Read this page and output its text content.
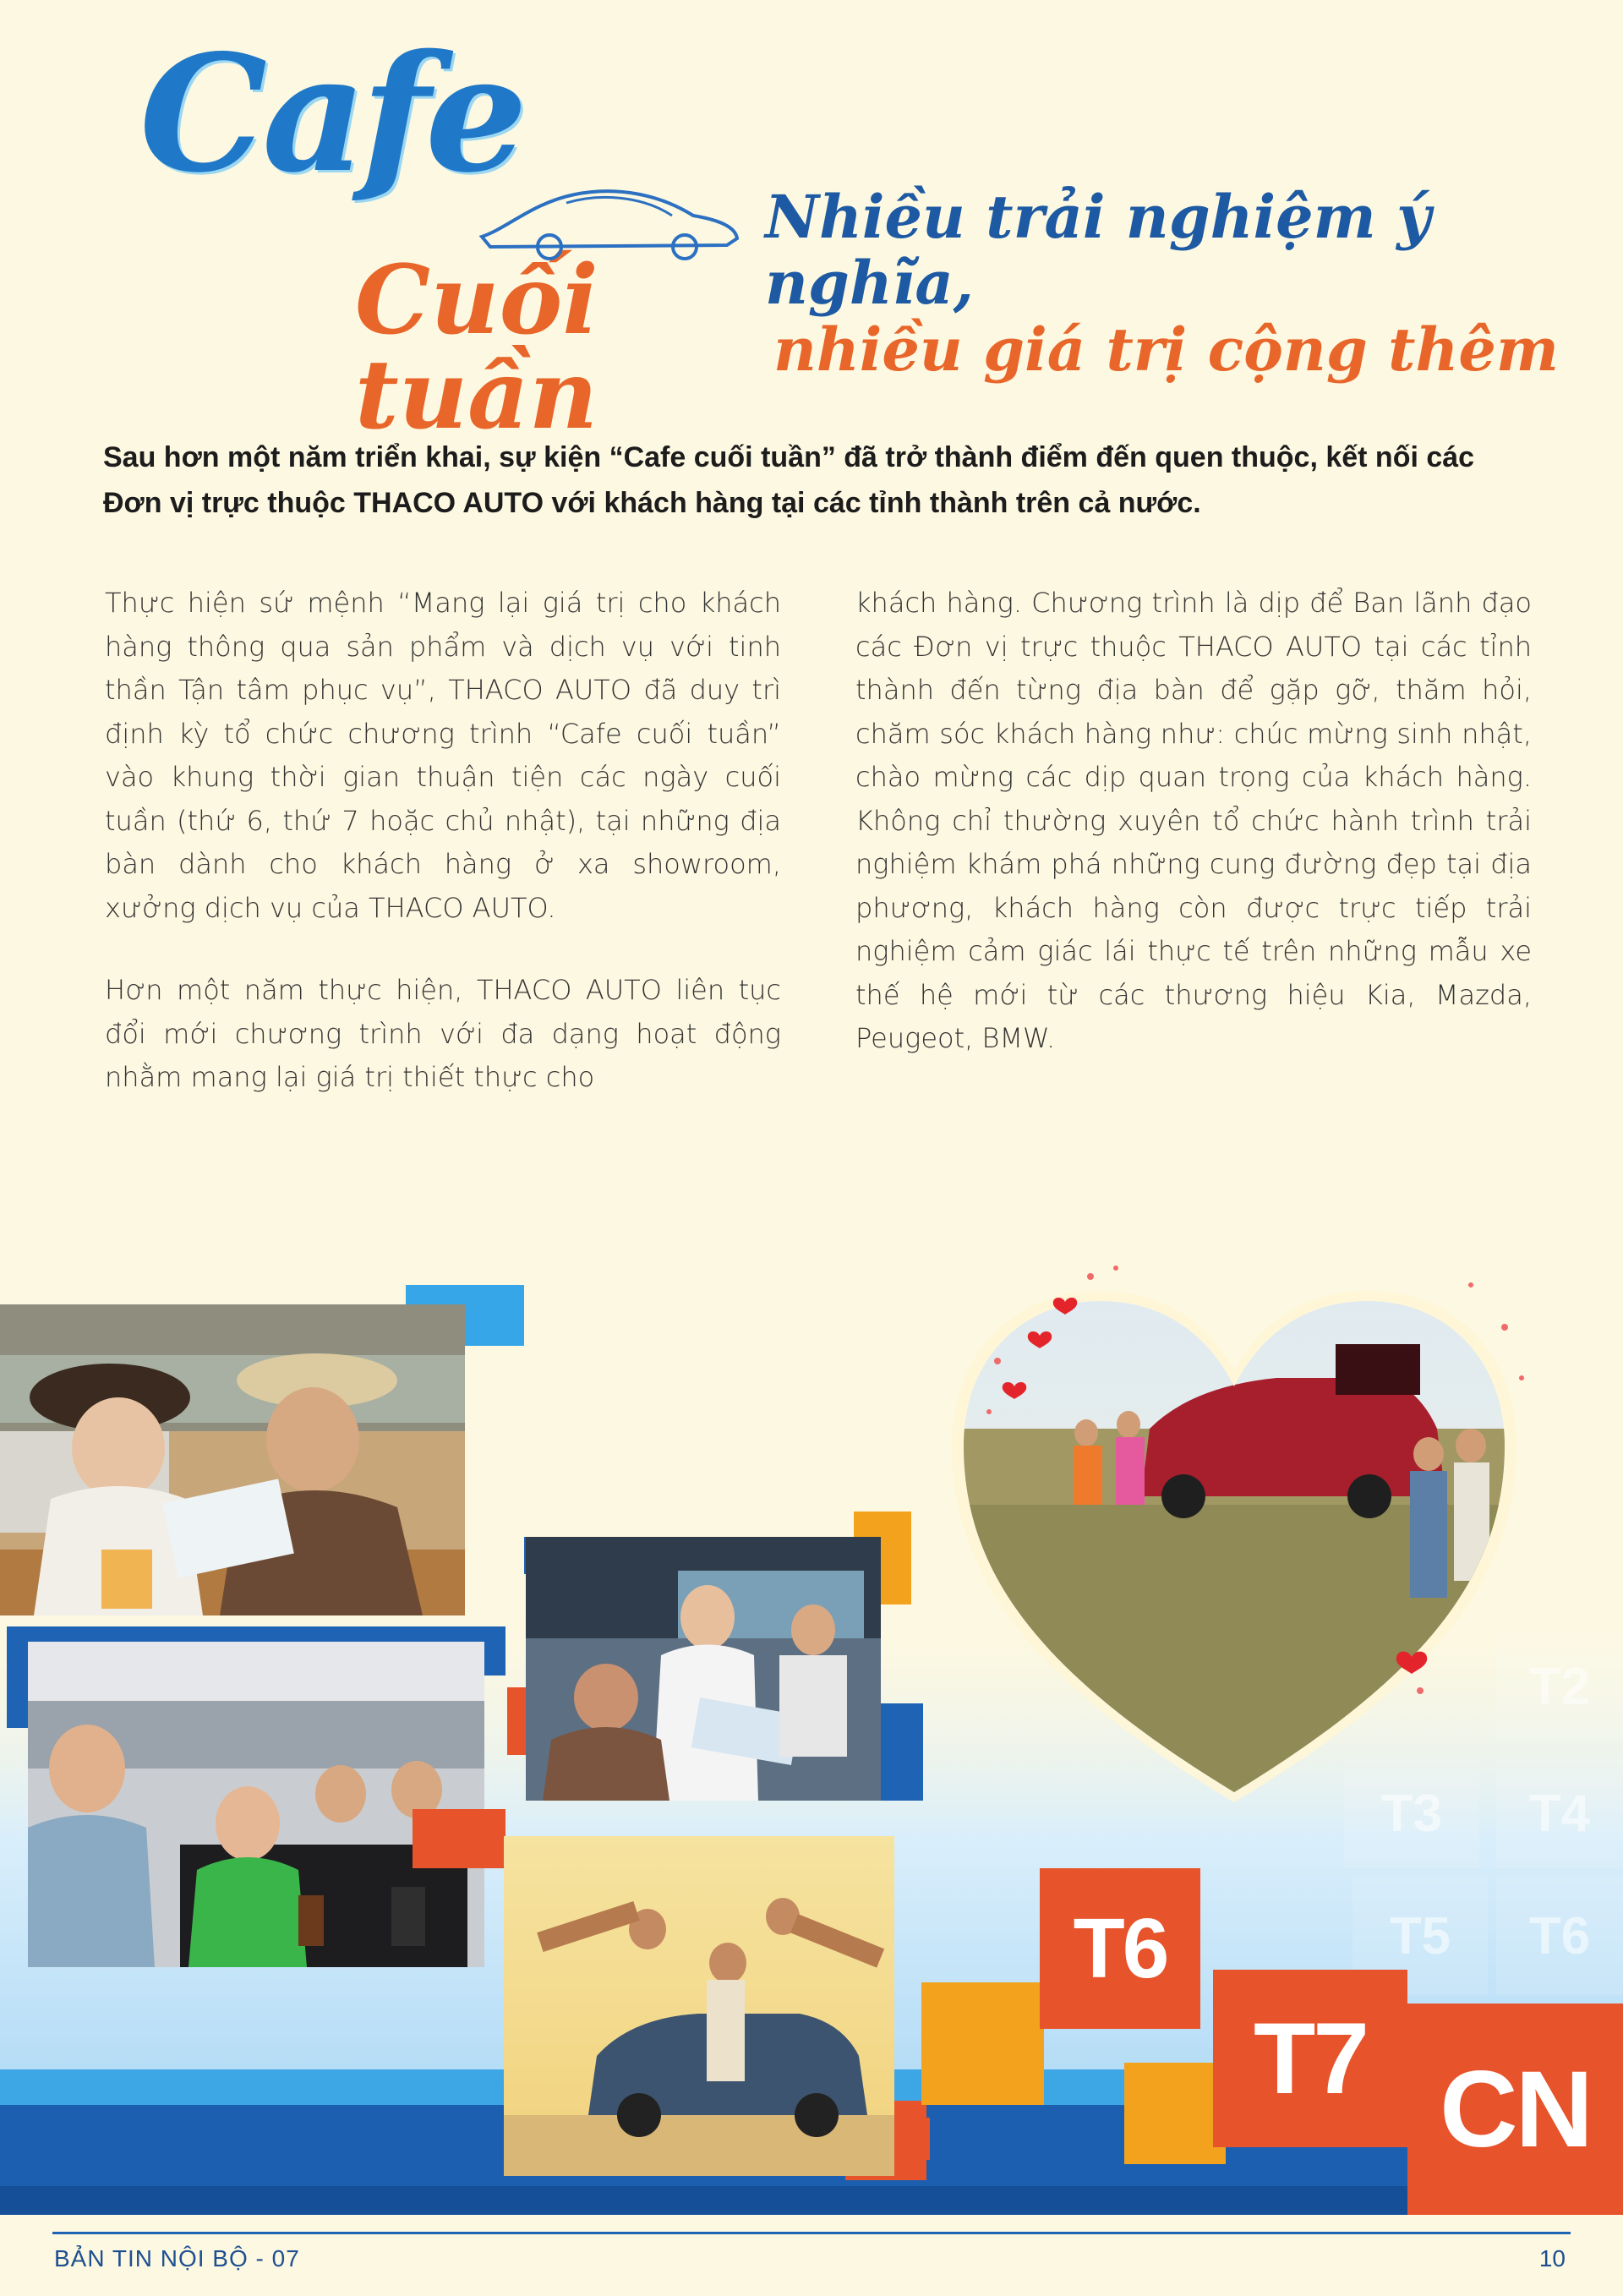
Cafe
Cuối tuần
Nhiều trải nghiệm ý nghĩa,
nhiều giá trị cộng thêm
Sau hơn một năm triển khai, sự kiện “Cafe cuối tuần” đã trở thành điểm đến quen thuộc, kết nối các Đơn vị trực thuộc THACO AUTO với khách hàng tại các tỉnh thành trên cả nước.

Thực hiện sứ mệnh “Mang lại giá trị cho khách hàng thông qua sản phẩm và dịch vụ với tinh thần Tận tâm phục vụ”, THACO AUTO đã duy trì định kỳ tổ chức chương trình “Cafe cuối tuần” vào khung thời gian thuận tiện các ngày cuối tuần (thứ 6, thứ 7 hoặc chủ nhật), tại những địa bàn dành cho khách hàng ở xa showroom, xưởng dịch vụ của THACO AUTO.

Hơn một năm thực hiện, THACO AUTO liên tục đổi mới chương trình với đa dạng hoạt động nhằm mang lại giá trị thiết thực cho

khách hàng. Chương trình là dịp để Ban lãnh đạo các Đơn vị trực thuộc THACO AUTO tại các tỉnh thành đến từng địa bàn để gặp gỡ, thăm hỏi, chăm sóc khách hàng như: chúc mừng sinh nhật, chào mừng các dịp quan trọng của khách hàng. Không chỉ thường xuyên tổ chức hành trình trải nghiệm khám phá những cung đường đẹp tại địa phương, khách hàng còn được trực tiếp trải nghiệm cảm giác lái thực tế trên những mẫu xe thế hệ mới từ các thương hiệu Kia, Mazda, Peugeot, BMW.

T2
T3	T4
T5	T6
T6
T7 CN
BẢN TIN NỘI BỘ - 07	10
